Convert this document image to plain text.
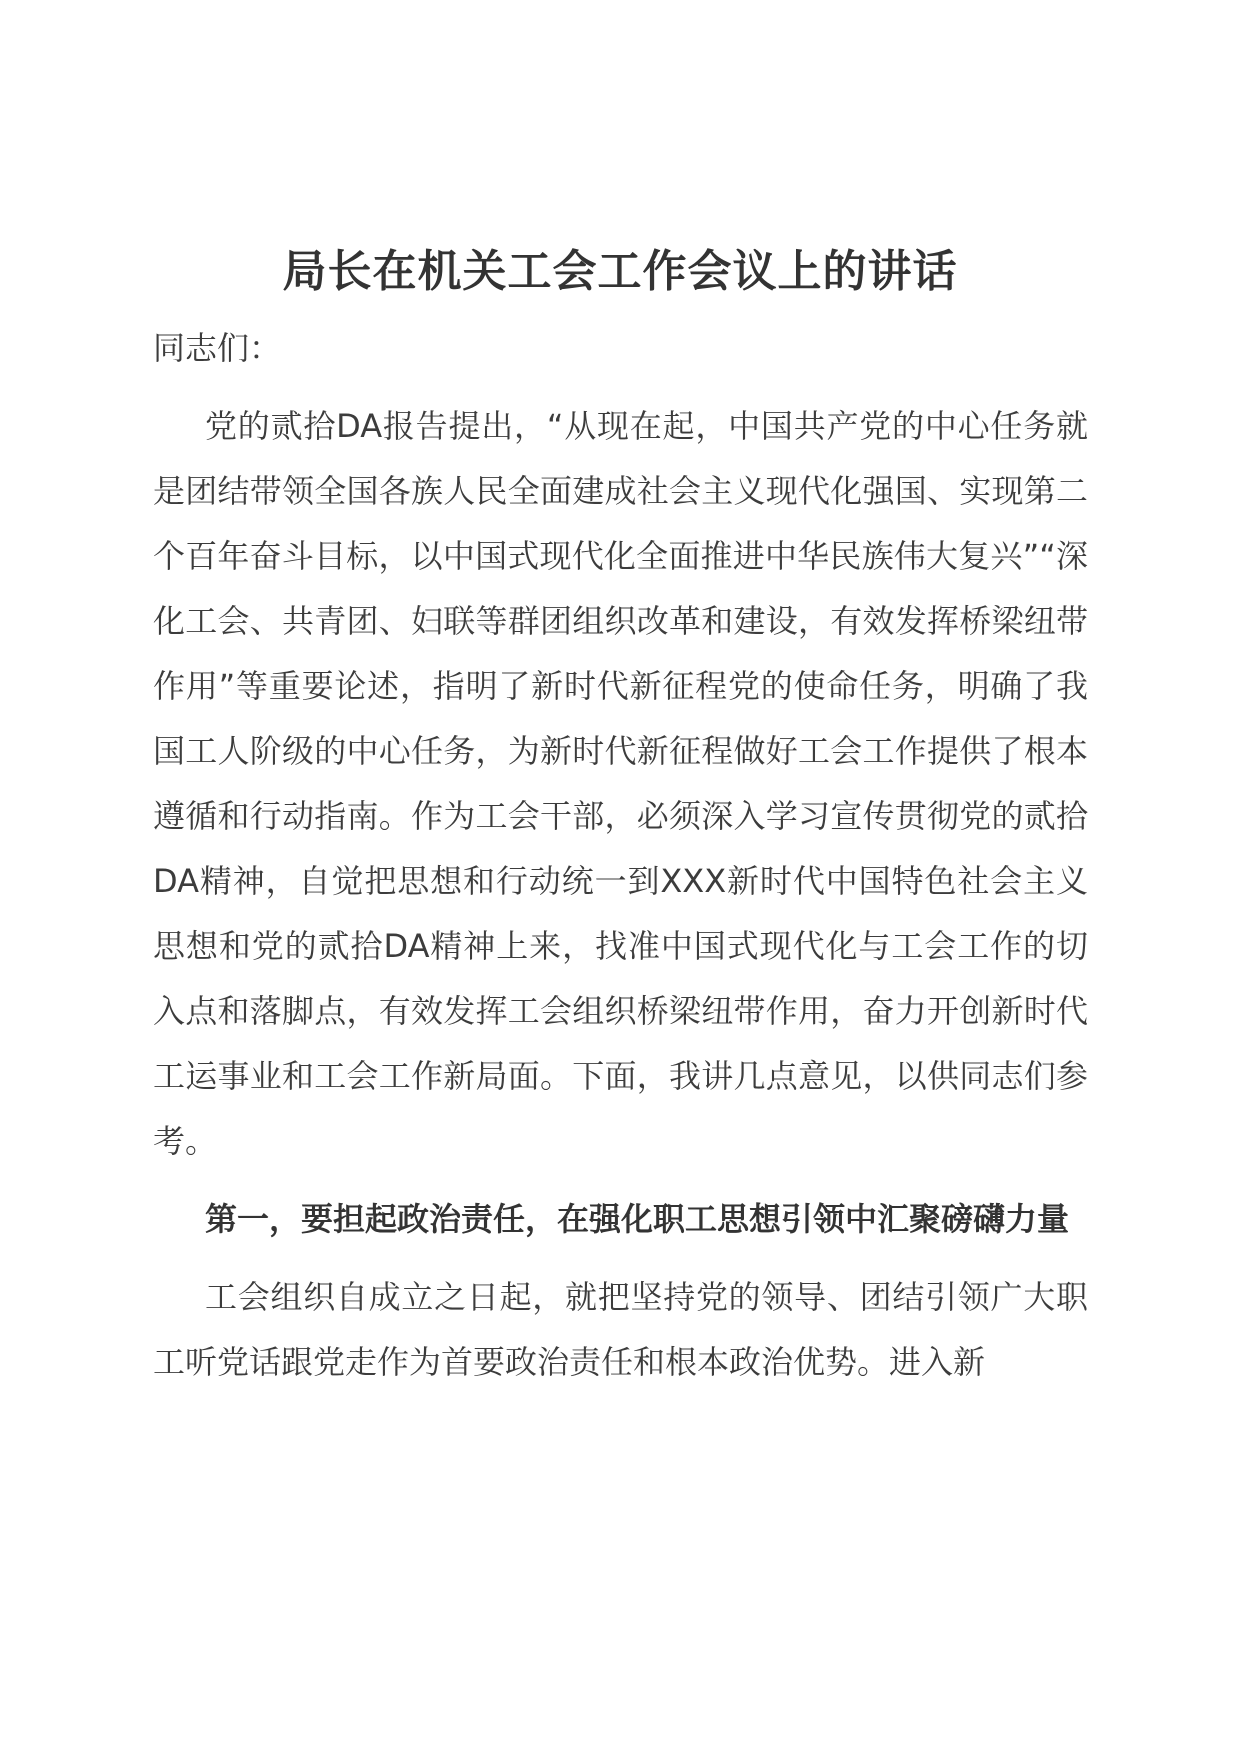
局长在机关工会工作会议上的讲话

同志们：

党的贰拾DA报告提出，“从现在起，中国共产党的中心任务就是团结带领全国各族人民全面建成社会主义现代化强国、实现第二个百年奋斗目标，以中国式现代化全面推进中华民族伟大复兴”“深化工会、共青团、妇联等群团组织改革和建设，有效发挥桥梁纽带作用”等重要论述，指明了新时代新征程党的使命任务，明确了我国工人阶级的中心任务，为新时代新征程做好工会工作提供了根本遵循和行动指南。作为工会干部，必须深入学习宣传贯彻党的贰拾DA精神，自觉把思想和行动统一到XXX新时代中国特色社会主义思想和党的贰拾DA精神上来，找准中国式现代化与工会工作的切入点和落脚点，有效发挥工会组织桥梁纽带作用，奋力开创新时代工运事业和工会工作新局面。下面，我讲几点意见，以供同志们参考。

第一，要担起政治责任，在强化职工思想引领中汇聚磅礴力量

工会组织自成立之日起，就把坚持党的领导、团结引领广大职工听党话跟党走作为首要政治责任和根本政治优势。进入新
